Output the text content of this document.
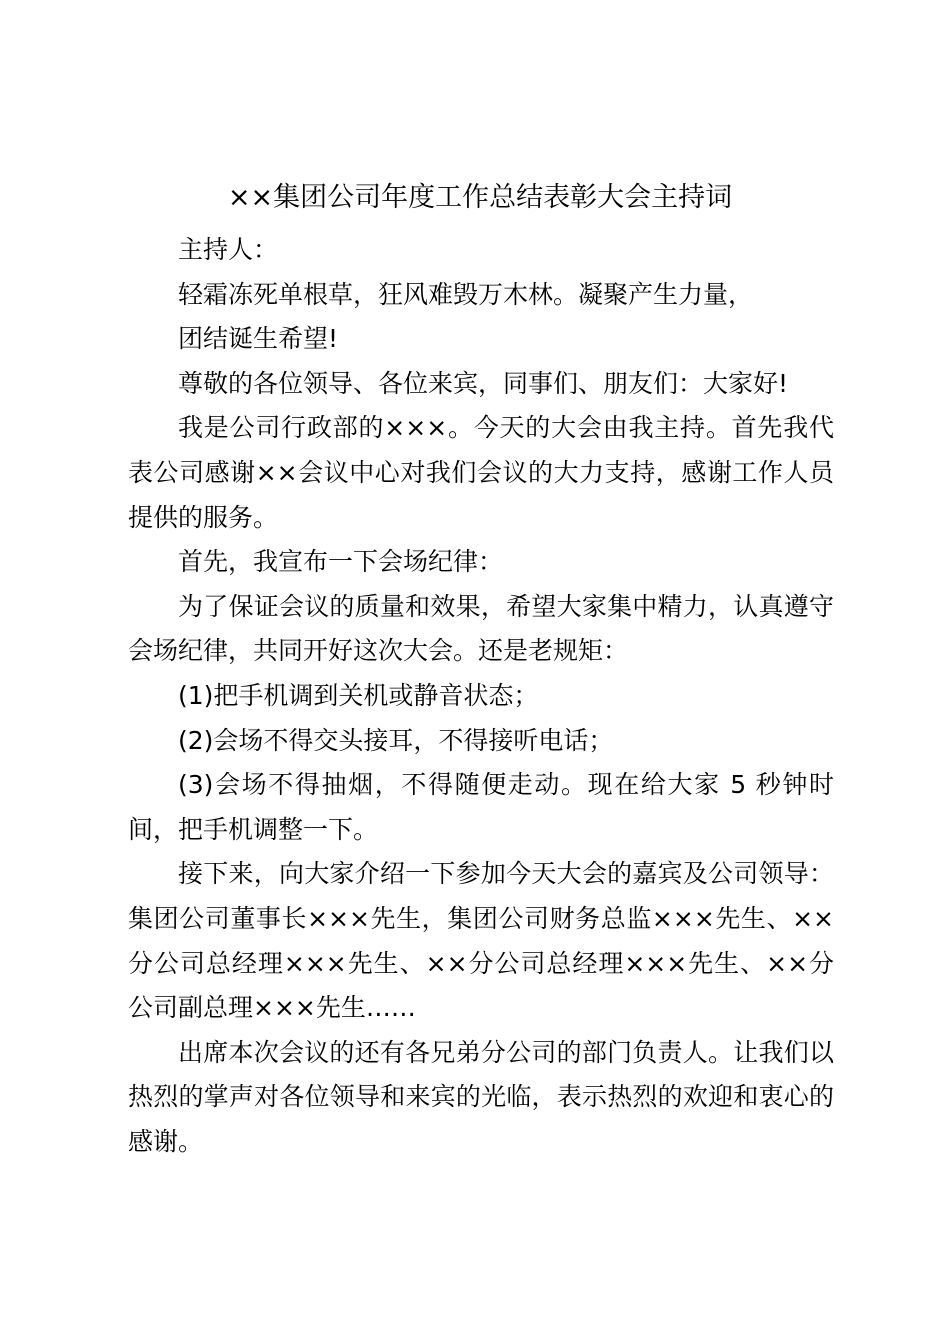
××集团公司年度工作总结表彰大会主持词

主持人：

轻霜冻死单根草，狂风难毁万木林。凝聚产生力量，

团结诞生希望!

尊敬的各位领导、各位来宾，同事们、朋友们：大家好!

我是公司行政部的×××。今天的大会由我主持。首先我代表公司感谢××会议中心对我们会议的大力支持，感谢工作人员提供的服务。

首先，我宣布一下会场纪律：

为了保证会议的质量和效果，希望大家集中精力，认真遵守会场纪律，共同开好这次大会。还是老规矩：

(1)把手机调到关机或静音状态；

(2)会场不得交头接耳，不得接听电话；

(3)会场不得抽烟，不得随便走动。现在给大家 5 秒钟时间，把手机调整一下。

接下来，向大家介绍一下参加今天大会的嘉宾及公司领导：集团公司董事长×××先生，集团公司财务总监×××先生、××分公司总经理×××先生、××分公司总经理×××先生、××分公司副总理×××先生……

出席本次会议的还有各兄弟分公司的部门负责人。让我们以热烈的掌声对各位领导和来宾的光临，表示热烈的欢迎和衷心的感谢。
